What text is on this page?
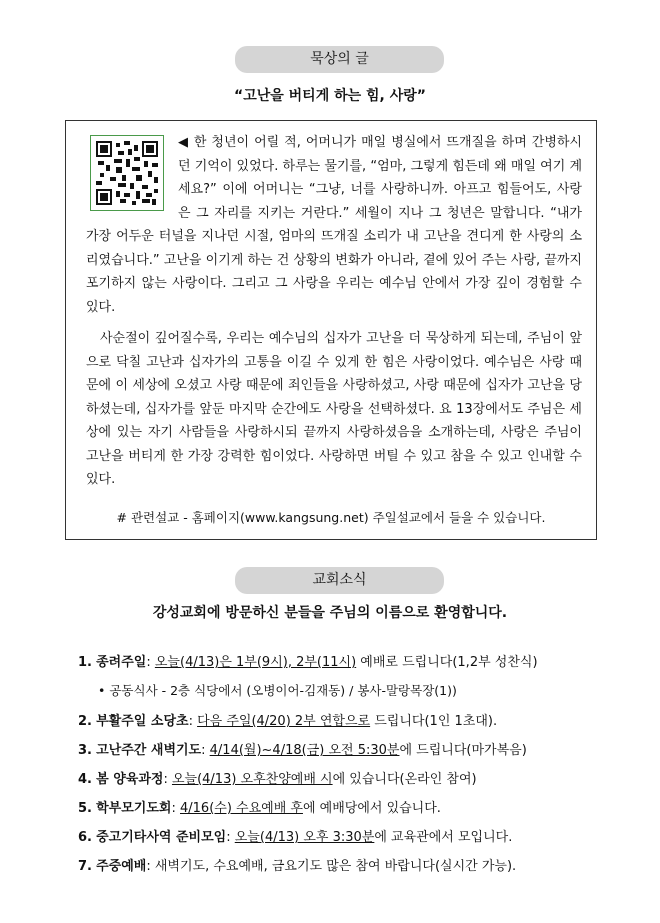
묵상의 글
“고난을 버티게 하는 힘, 사랑”

◀ 한 청년이 어릴 적, 어머니가 매일 병실에서 뜨개질을 하며 간병하시던 기억이 있었다. 하루는 물기를, “엄마, 그렇게 힘든데 왜 매일 여기 계세요?” 이에 어머니는 “그냥, 너를 사랑하니까. 아프고 힘들어도, 사랑은 그 자리를 지키는 거란다.” 세월이 지나 그 청년은 말합니다. “내가 가장 어두운 터널을 지나던 시절, 엄마의 뜨개질 소리가 내 고난을 견디게 한 사랑의 소리였습니다.” 고난을 이기게 하는 건 상황의 변화가 아니라, 곁에 있어 주는 사랑, 끝까지 포기하지 않는 사랑이다. 그리고 그 사랑을 우리는 예수님 안에서 가장 깊이 경험할 수 있다.

사순절이 깊어질수록, 우리는 예수님의 십자가 고난을 더 묵상하게 되는데, 주님이 앞으로 닥칠 고난과 십자가의 고통을 이길 수 있게 한 힘은 사랑이었다. 예수님은 사랑 때문에 이 세상에 오셨고 사랑 때문에 죄인들을 사랑하셨고, 사랑 때문에 십자가 고난을 당하셨는데, 십자가를 앞둔 마지막 순간에도 사랑을 선택하셨다. 요 13장에서도 주님은 세상에 있는 자기 사람들을 사랑하시되 끝까지 사랑하셨음을 소개하는데, 사랑은 주님이 고난을 버티게 한 가장 강력한 힘이었다. 사랑하면 버틸 수 있고 참을 수 있고 인내할 수 있다.

# 관련설교 - 홈페이지(www.kangsung.net) 주일설교에서 들을 수 있습니다.
교회소식
강성교회에 방문하신 분들을 주님의 이름으로 환영합니다.
1. 종려주일: 오늘(4/13)은 1부(9시), 2부(11시) 예배로 드립니다(1,2부 성찬식)
• 공동식사 - 2층 식당에서 (오병이어-김재동) / 봉사-말랑목장(1))
2. 부활주일 소당초: 다음 주일(4/20) 2부 연합으로 드립니다(1인 1초대).
3. 고난주간 새벽기도: 4/14(월)~4/18(금) 오전 5:30분에 드립니다(마가복음)
4. 봄 양육과정: 오늘(4/13) 오후찬양예배 시에 있습니다(온라인 참여)
5. 학부모기도회: 4/16(수) 수요예배 후에 예배당에서 있습니다.
6. 중고기타사역 준비모임: 오늘(4/13) 오후 3:30분에 교육관에서 모입니다.
7. 주중예배: 새벽기도, 수요예배, 금요기도 많은 참여 바랍니다(실시간 가능).
